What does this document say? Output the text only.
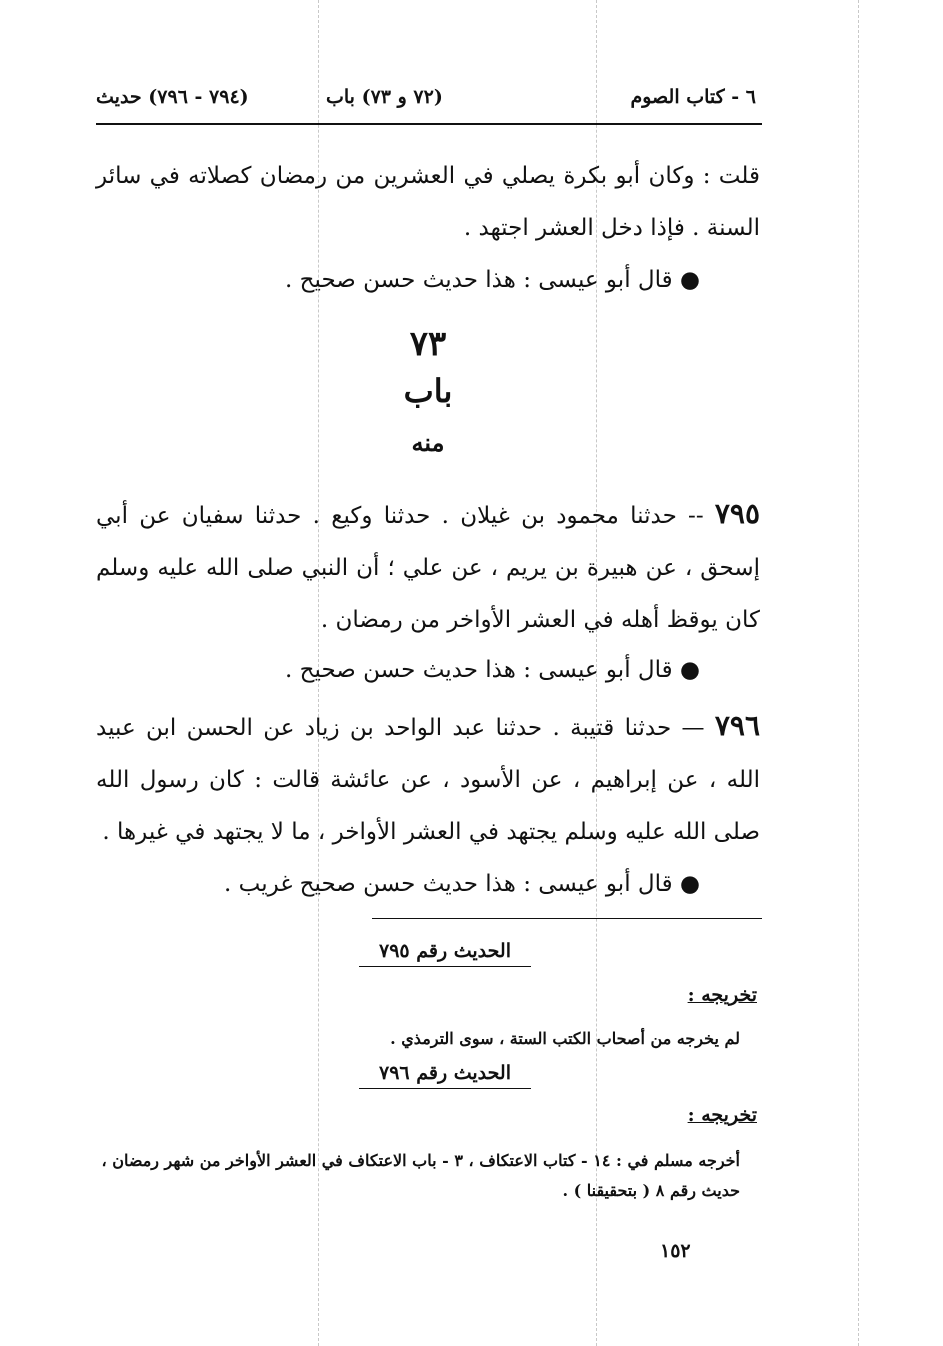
٦ - كتاب الصوم
(٧٢ و ٧٣) باب
(٧٩٤ - ٧٩٦) حديث
قلت : وكان أبو بكرة يصلي في العشرين من رمضان كصلاته في سائر السنة . فإذا دخل العشر اجتهد .
● قال أبو عيسى : هذا حديث حسن صحيح .
٧٣
باب
منه
٧٩٥ -- حدثنا محمود بن غيلان . حدثنا وكيع . حدثنا سفيان عن أبي إسحق ، عن هبيرة بن يريم ، عن علي ؛ أن النبي صلى الله عليه وسلم كان يوقظ أهله في العشر الأواخر من رمضان .
● قال أبو عيسى : هذا حديث حسن صحيح .
٧٩٦ — حدثنا قتيبة . حدثنا عبد الواحد بن زياد عن الحسن ابن عبيد الله ، عن إبراهيم ، عن الأسود ، عن عائشة قالت : كان رسول الله صلى الله عليه وسلم يجتهد في العشر الأواخر ، ما لا يجتهد في غيرها .
● قال أبو عيسى : هذا حديث حسن صحيح غريب .
الحديث رقم ٧٩٥
تخريجه :
لم يخرجه من أصحاب الكتب الستة ، سوى الترمذي .
الحديث رقم ٧٩٦
تخريجه :
أخرجه مسلم في : ١٤ - كتاب الاعتكاف ، ٣ - باب الاعتكاف في العشر الأواخر من شهر رمضان ، حديث رقم ٨ ( بتحقيقنا ) .
١٥٢
